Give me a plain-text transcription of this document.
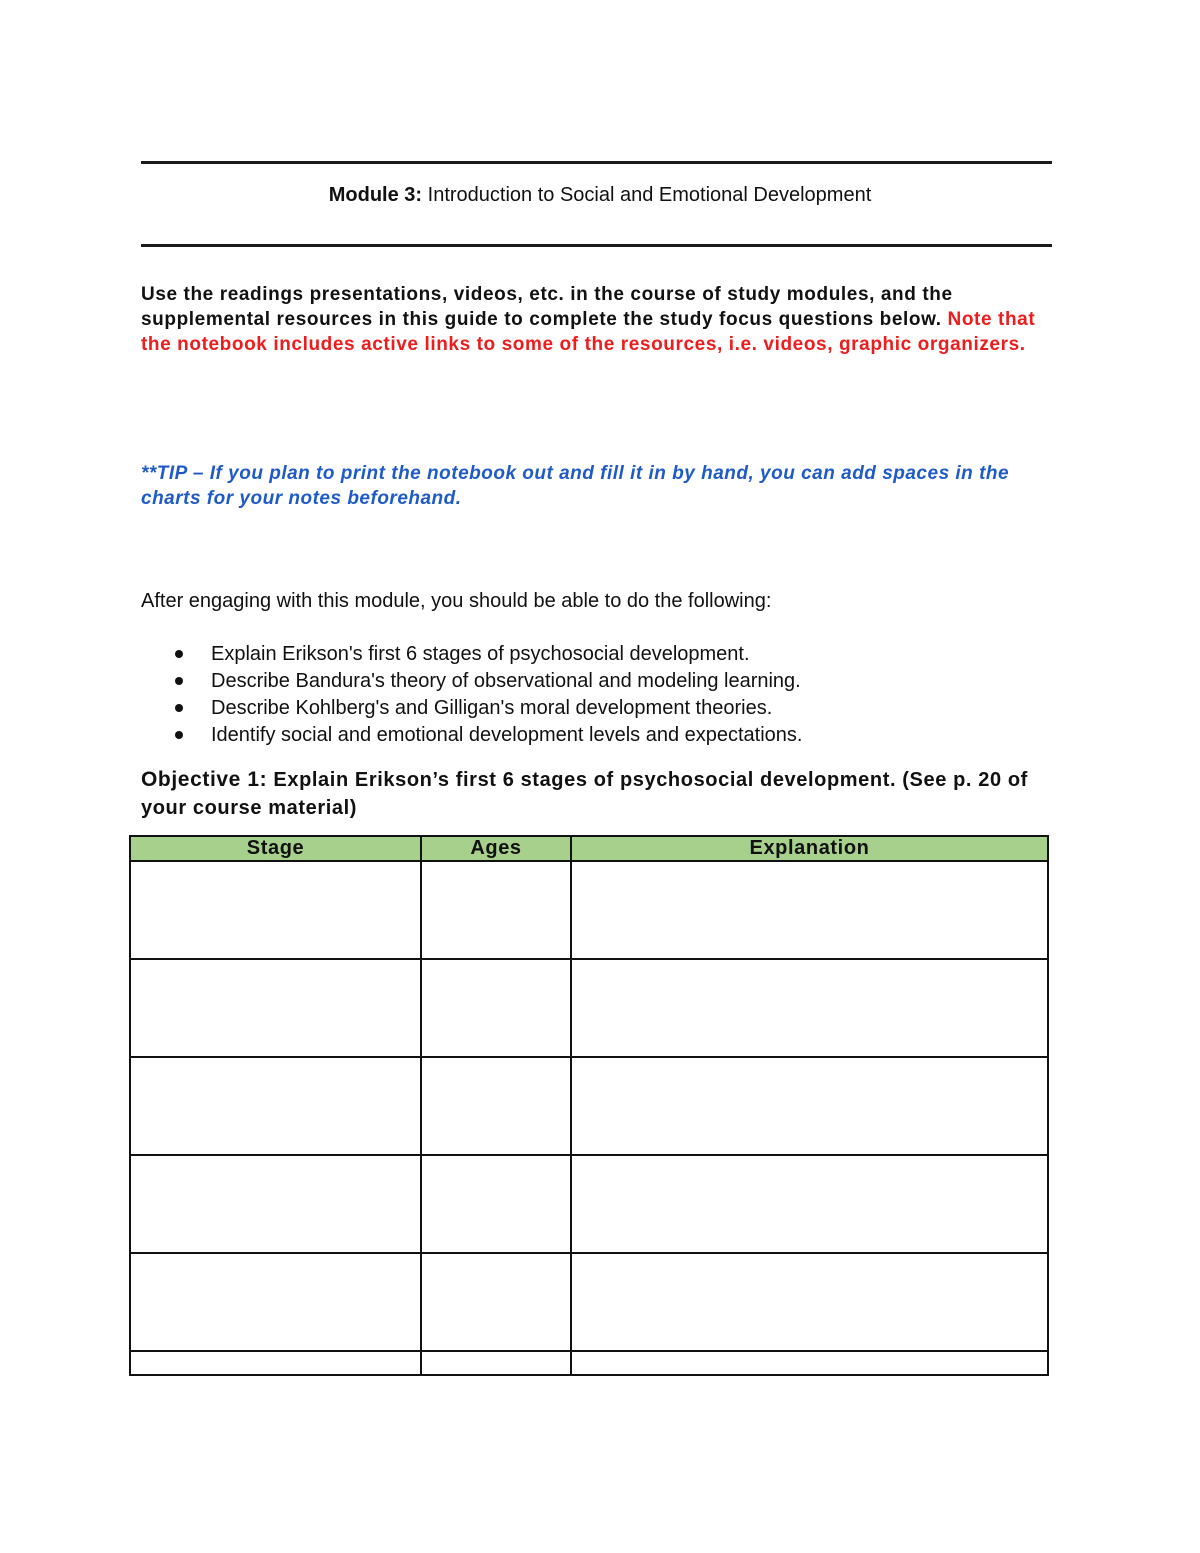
Module 3: Introduction to Social and Emotional Development
Use the readings presentations, videos, etc. in the course of study modules, and the supplemental resources in this guide to complete the study focus questions below. Note that the notebook includes active links to some of the resources, i.e. videos, graphic organizers.
**TIP – If you plan to print the notebook out and fill it in by hand, you can add spaces in the charts for your notes beforehand.
After engaging with this module, you should be able to do the following:
Explain Erikson's first 6 stages of psychosocial development.
Describe Bandura's theory of observational and modeling learning.
Describe Kohlberg's and Gilligan's moral development theories.
Identify social and emotional development levels and expectations.
Objective 1: Explain Erikson’s first 6 stages of psychosocial development. (See p. 20 of your course material)
Stage	Ages	Explanation
